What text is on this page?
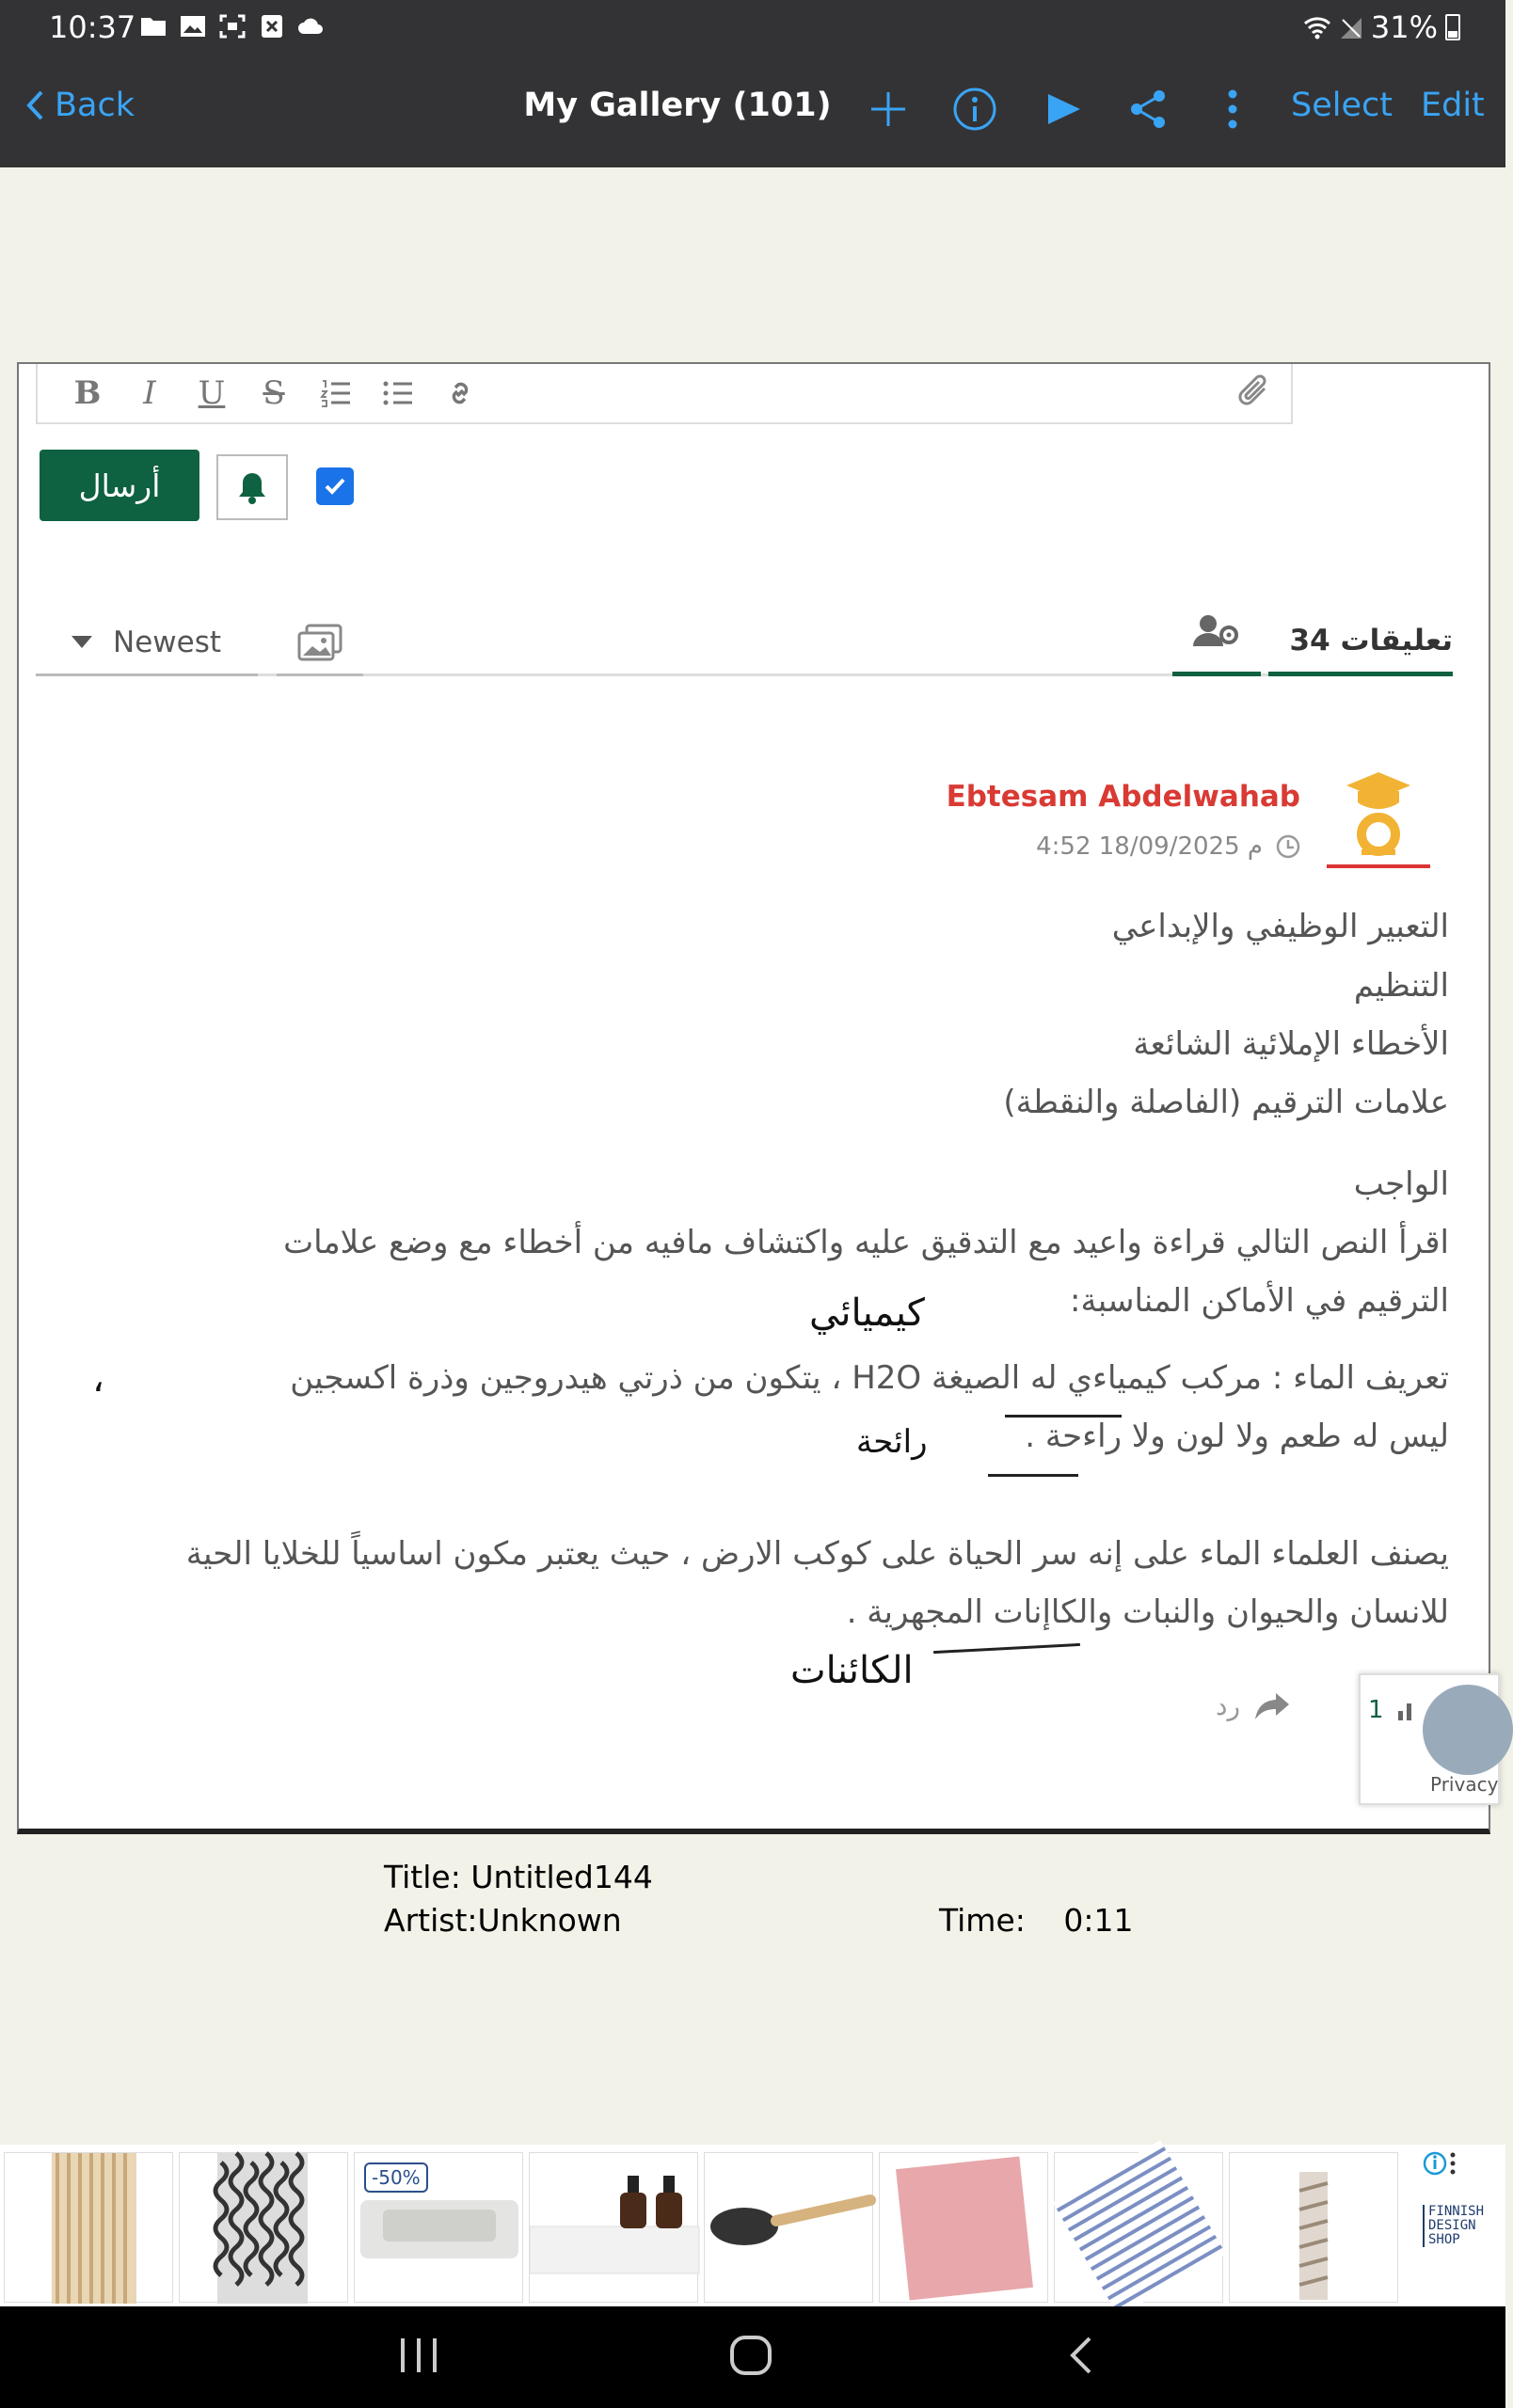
10:37	31%
Back	My Gallery (101)	Select Edit
B	I	U S
أرسال
Newest	34 تعليقات
Ebtesam Abdelwahab
4:52 18/09/2025 م
التعبير الوظيفي والإبداعي
التنظيم
الأخطاء الإملائية الشائعة
علامات الترقيم (الفاصلة والنقطة)
الواجب
اقرأ النص التالي قراءة واعيد مع التدقيق عليه واكتشاف مافيه من أخطاء مع وضع علامات
الترقيم في الأماكن المناسبة:
تعريف الماء : مركب كيمياءي له الصيغة H2O ، يتكون من ذرتي هيدروجين وذرة اكسجين
ليس له طعم ولا لون ولا راءحة .
يصنف العلماء الماء على إنه سر الحياة على كوكب الارض ، حيث يعتبر مكون اساسياً للخلايا الحية
للانسان والحيوان والنبات والكاإنات المجهرية .
كيميائي
رائحة
الكائنات
،
رد	1
Privacy
Title: Untitled144
Artist:Unknown	Time: 0:11
-50%
FINNISH
DESIGN
SHOP
